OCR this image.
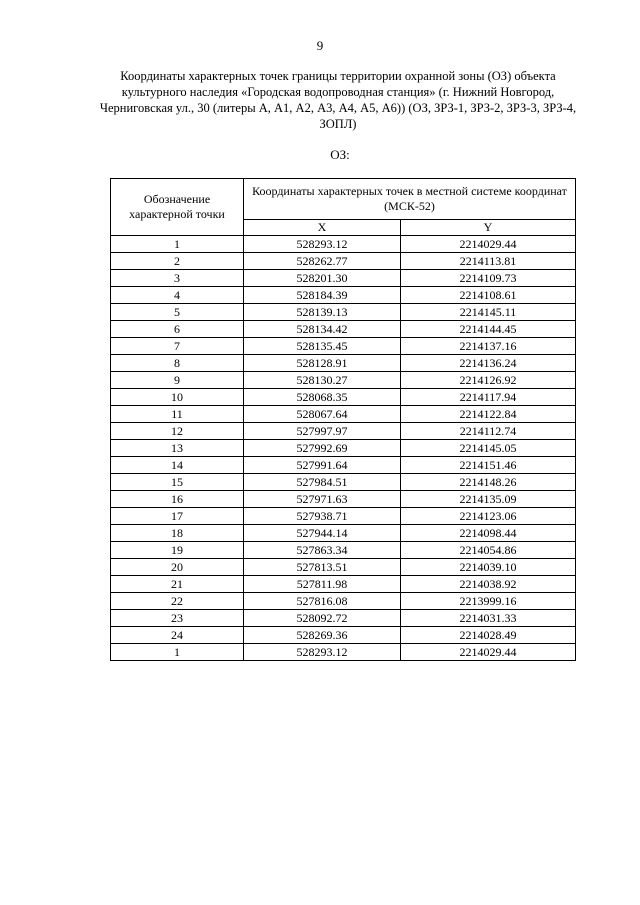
9
Координаты характерных точек границы территории охранной зоны (ОЗ) объекта культурного наследия «Городская водопроводная станция» (г. Нижний Новгород, Черниговская ул., 30 (литеры А, А1, А2, А3, А4, А5, А6)) (ОЗ, ЗРЗ-1, ЗРЗ-2, ЗРЗ-3, ЗРЗ-4, ЗОПЛ)
ОЗ:
Обозначение характерной точки	Координаты характерных точек в местной системе координат (МСК-52)	
	X	Y
1	528293.12	2214029.44
2	528262.77	2214113.81
3	528201.30	2214109.73
4	528184.39	2214108.61
5	528139.13	2214145.11
6	528134.42	2214144.45
7	528135.45	2214137.16
8	528128.91	2214136.24
9	528130.27	2214126.92
10	528068.35	2214117.94
11	528067.64	2214122.84
12	527997.97	2214112.74
13	527992.69	2214145.05
14	527991.64	2214151.46
15	527984.51	2214148.26
16	527971.63	2214135.09
17	527938.71	2214123.06
18	527944.14	2214098.44
19	527863.34	2214054.86
20	527813.51	2214039.10
21	527811.98	2214038.92
22	527816.08	2213999.16
23	528092.72	2214031.33
24	528269.36	2214028.49
1	528293.12	2214029.44
